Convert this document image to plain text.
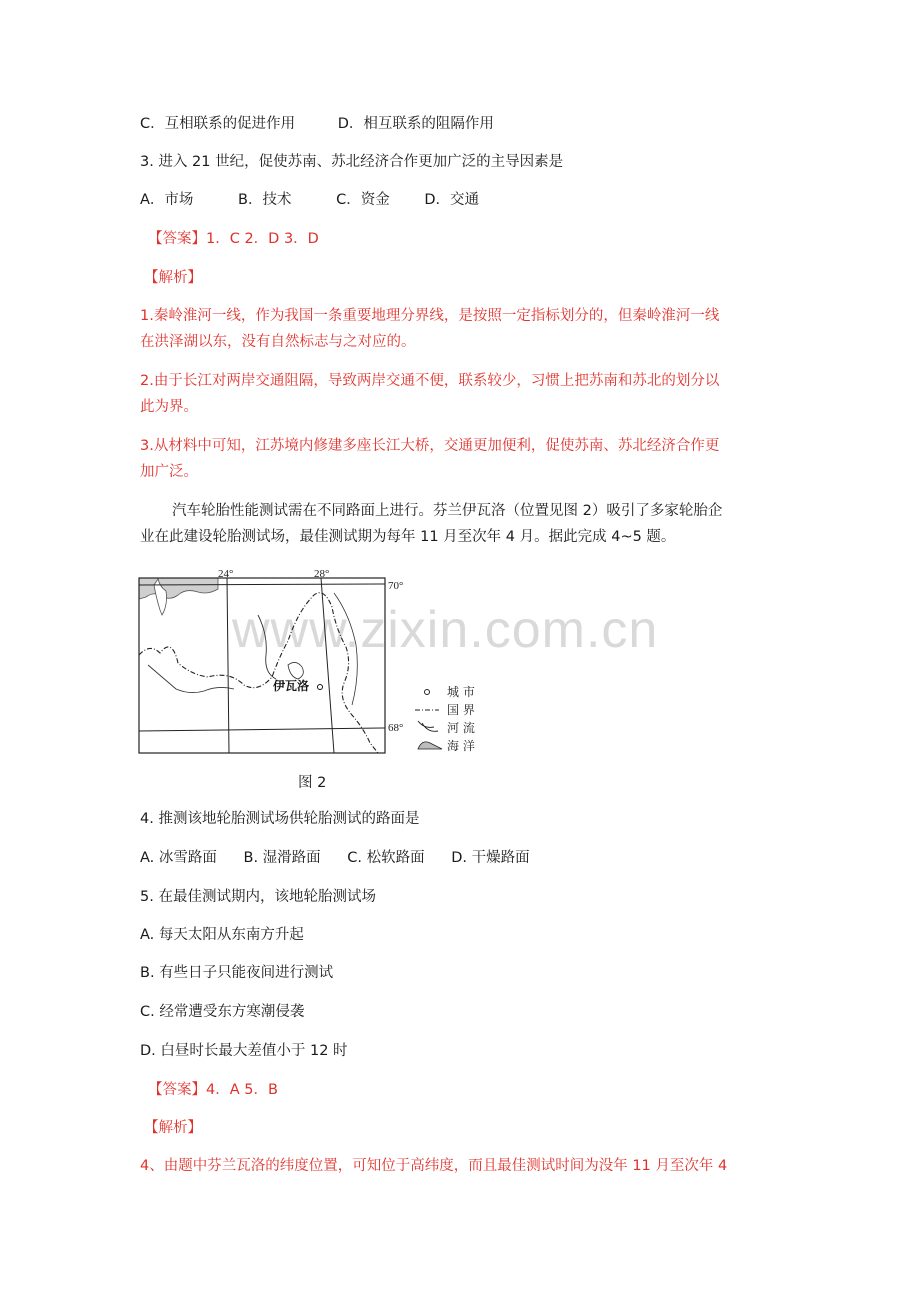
C．互相联系的促进作用	D．相互联系的阻隔作用
3. 进入 21 世纪，促使苏南、苏北经济合作更加广泛的主导因素是
A．市场	B．技术	C．资金 D．交通
【答案】1．C 2．D 3．D
【解析】
1.秦岭淮河一线，作为我国一条重要地理分界线，是按照一定指标划分的，但秦岭淮河一线
在洪泽湖以东，没有自然标志与之对应的。
2.由于长江对两岸交通阻隔，导致两岸交通不便，联系较少，习惯上把苏南和苏北的划分以
此为界。
3.从材料中可知，江苏境内修建多座长江大桥，交通更加便利，促使苏南、苏北经济合作更
加广泛。
汽车轮胎性能测试需在不同路面上进行。芬兰伊瓦洛（位置见图 2）吸引了多家轮胎企
业在此建设轮胎测试场，最佳测试期为每年 11 月至次年 4 月。据此完成 4~5 题。
www.zixin.com.cn
24°	28°
70°
68°
伊瓦洛	城 市
国 界
河 流
海 洋
图 2
4. 推测该地轮胎测试场供轮胎测试的路面是
A. 冰雪路面 B. 湿滑路面 C. 松软路面 D. 干燥路面
5. 在最佳测试期内，该地轮胎测试场
A. 每天太阳从东南方升起
B. 有些日子只能夜间进行测试
C. 经常遭受东方寒潮侵袭
D. 白昼时长最大差值小于 12 时
【答案】4．A 5．B
【解析】
4、由题中芬兰瓦洛的纬度位置，可知位于高纬度，而且最佳测试时间为没年 11 月至次年 4
